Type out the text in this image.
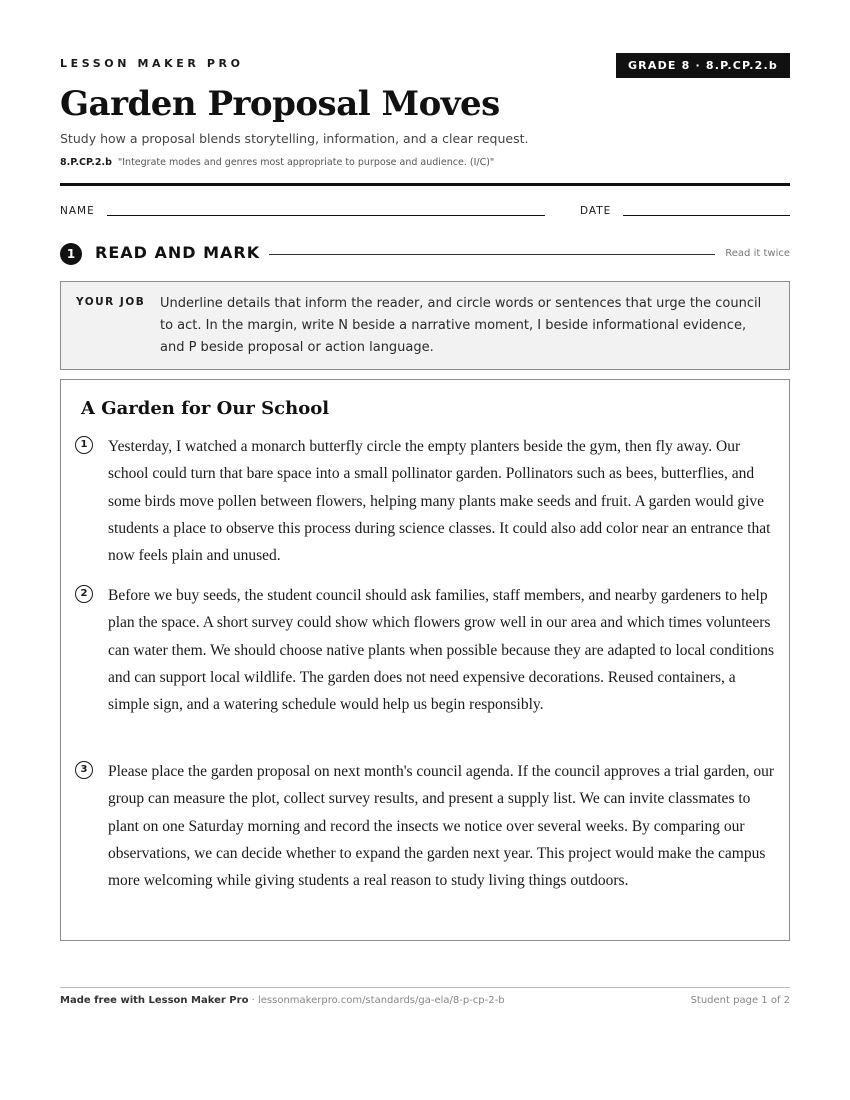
LESSON MAKER PRO	GRADE 8 · 8.P.CP.2.b
Garden Proposal Moves
Study how a proposal blends storytelling, information, and a clear request.
8.P.CP.2.b "Integrate modes and genres most appropriate to purpose and audience. (I/C)"
NAME	DATE
1	READ AND MARK	Read it twice
YOUR JOB Underline details that inform the reader, and circle words or sentences that urge the council to act. In the margin, write N beside a narrative moment, I beside informational evidence, and P beside proposal or action language.
A Garden for Our School
1	Yesterday, I watched a monarch butterfly circle the empty planters beside the gym, then fly away. Our school could turn that bare space into a small pollinator garden. Pollinators such as bees, butterflies, and some birds move pollen between flowers, helping many plants make seeds and fruit. A garden would give students a place to observe this process during science classes. It could also add color near an entrance that now feels plain and unused.
2	Before we buy seeds, the student council should ask families, staff members, and nearby gardeners to help plan the space. A short survey could show which flowers grow well in our area and which times volunteers can water them. We should choose native plants when possible because they are adapted to local conditions and can support local wildlife. The garden does not need expensive decorations. Reused containers, a simple sign, and a watering schedule would help us begin responsibly.
3	Please place the garden proposal on next month's council agenda. If the council approves a trial garden, our group can measure the plot, collect survey results, and present a supply list. We can invite classmates to plant on one Saturday morning and record the insects we notice over several weeks. By comparing our observations, we can decide whether to expand the garden next year. This project would make the campus more welcoming while giving students a real reason to study living things outdoors.
Made free with Lesson Maker Pro · lessonmakerpro.com/standards/ga-ela/8-p-cp-2-b	Student page 1 of 2
